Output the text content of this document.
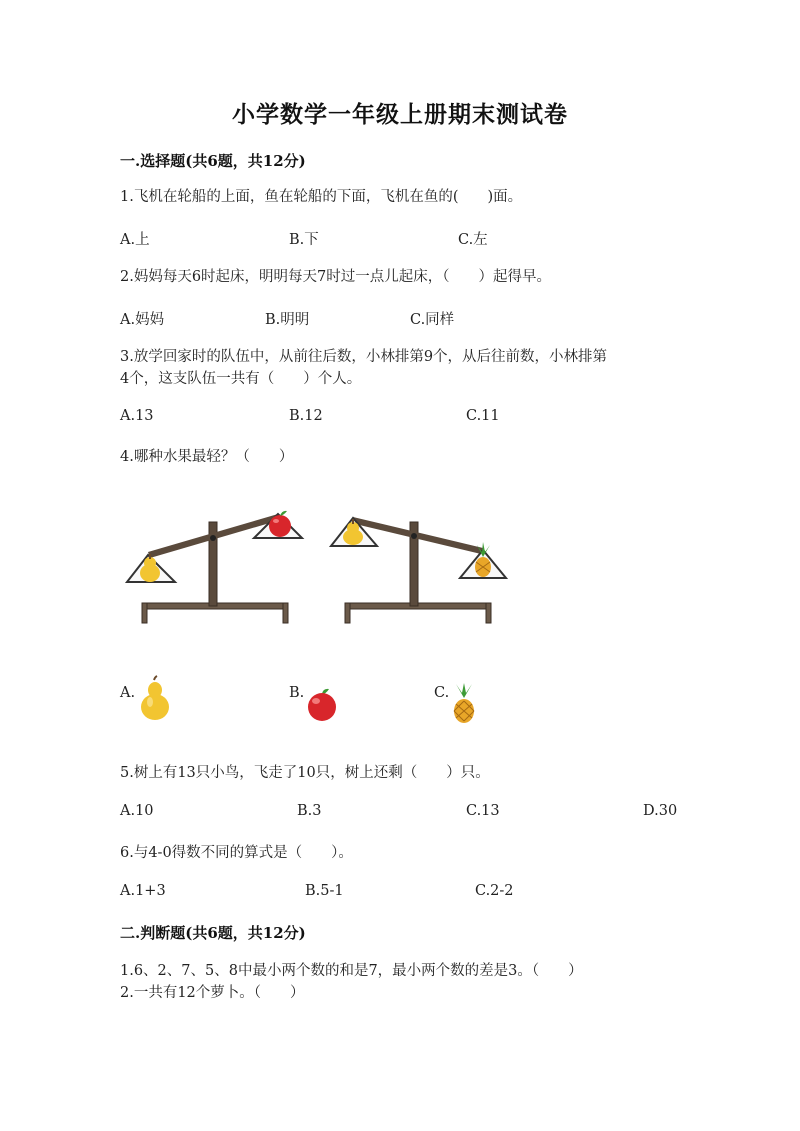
小学数学一年级上册期末测试卷
一.选择题(共6题，共12分)
1.飞机在轮船的上面，鱼在轮船的下面，飞机在鱼的(　　)面。
A.上	B.下	C.左
2.妈妈每天6时起床，明明每天7时过一点儿起床，（　　）起得早。
A.妈妈	B.明明	C.同样
3.放学回家时的队伍中，从前往后数，小林排第9个，从后往前数，小林排第
4个，这支队伍一共有（　　）个人。
A.13	B.12	C.11
4.哪种水果最轻？（　　）
A.	B.	C.
5.树上有13只小鸟，飞走了10只，树上还剩（　　）只。
A.10	B.3	C.13	D.30
6.与4-0得数不同的算式是（　　）。
A.1+3	B.5-1	C.2-2
二.判断题(共6题，共12分)
1.6、2、7、5、8中最小两个数的和是7，最小两个数的差是3。（　　）
2.一共有12个萝卜。（　　）
